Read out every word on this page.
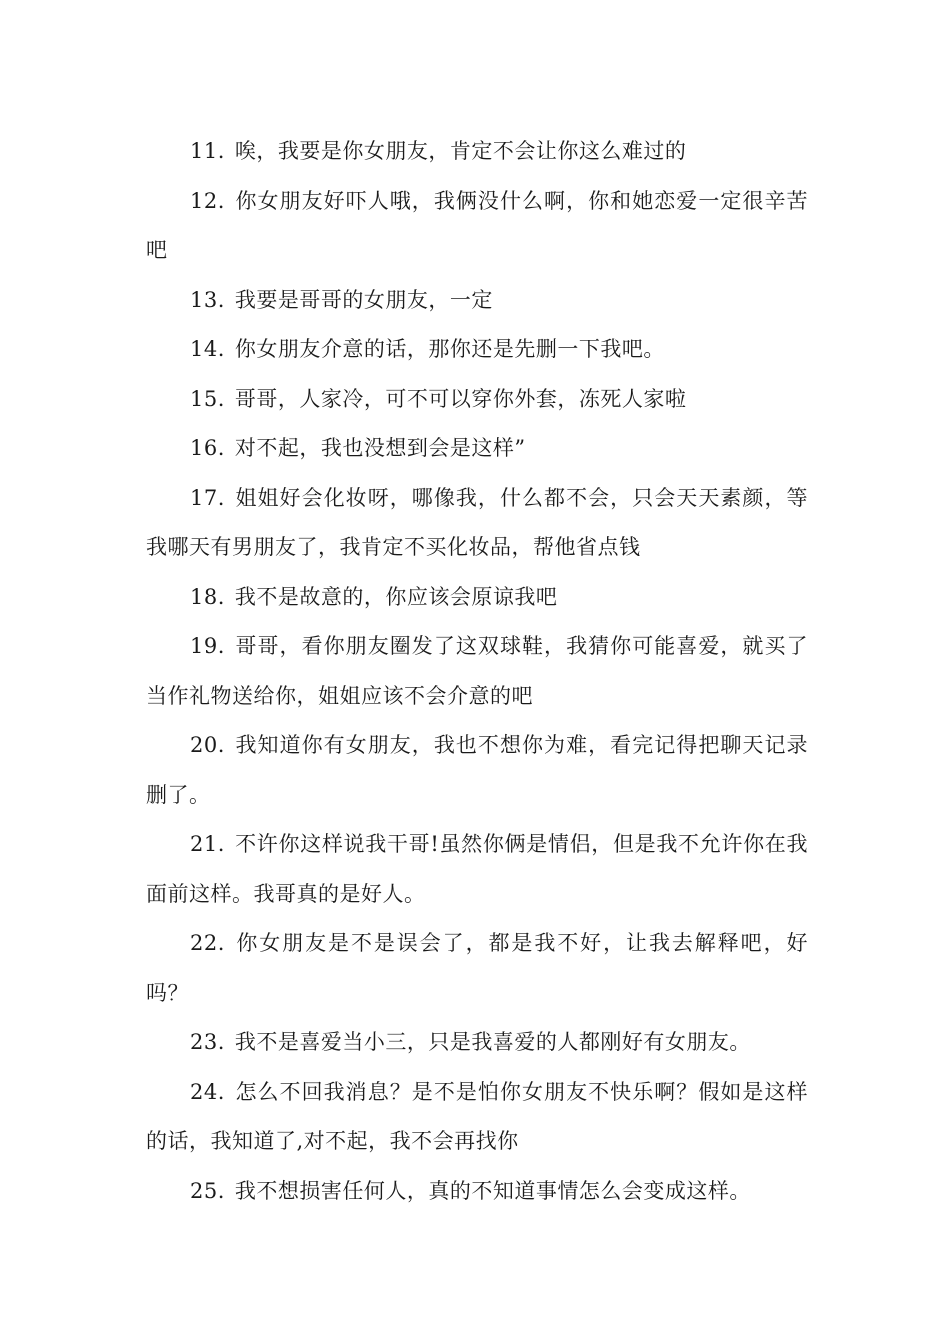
11. 唉，我要是你女朋友，肯定不会让你这么难过的

12. 你女朋友好吓人哦，我俩没什么啊，你和她恋爱一定很辛苦吧

13. 我要是哥哥的女朋友，一定

14. 你女朋友介意的话，那你还是先删一下我吧。

15. 哥哥，人家冷，可不可以穿你外套，冻死人家啦

16. 对不起，我也没想到会是这样”

17. 姐姐好会化妆呀，哪像我，什么都不会，只会天天素颜，等我哪天有男朋友了，我肯定不买化妆品，帮他省点钱

18. 我不是故意的，你应该会原谅我吧

19. 哥哥，看你朋友圈发了这双球鞋，我猜你可能喜爱，就买了当作礼物送给你，姐姐应该不会介意的吧

20. 我知道你有女朋友，我也不想你为难，看完记得把聊天记录删了。

21. 不许你这样说我干哥!虽然你俩是情侣，但是我不允许你在我面前这样。我哥真的是好人。

22. 你女朋友是不是误会了，都是我不好，让我去解释吧，好吗？

23. 我不是喜爱当小三，只是我喜爱的人都刚好有女朋友。

24. 怎么不回我消息？是不是怕你女朋友不快乐啊？假如是这样的话，我知道了,对不起，我不会再找你

25. 我不想损害任何人，真的不知道事情怎么会变成这样。
